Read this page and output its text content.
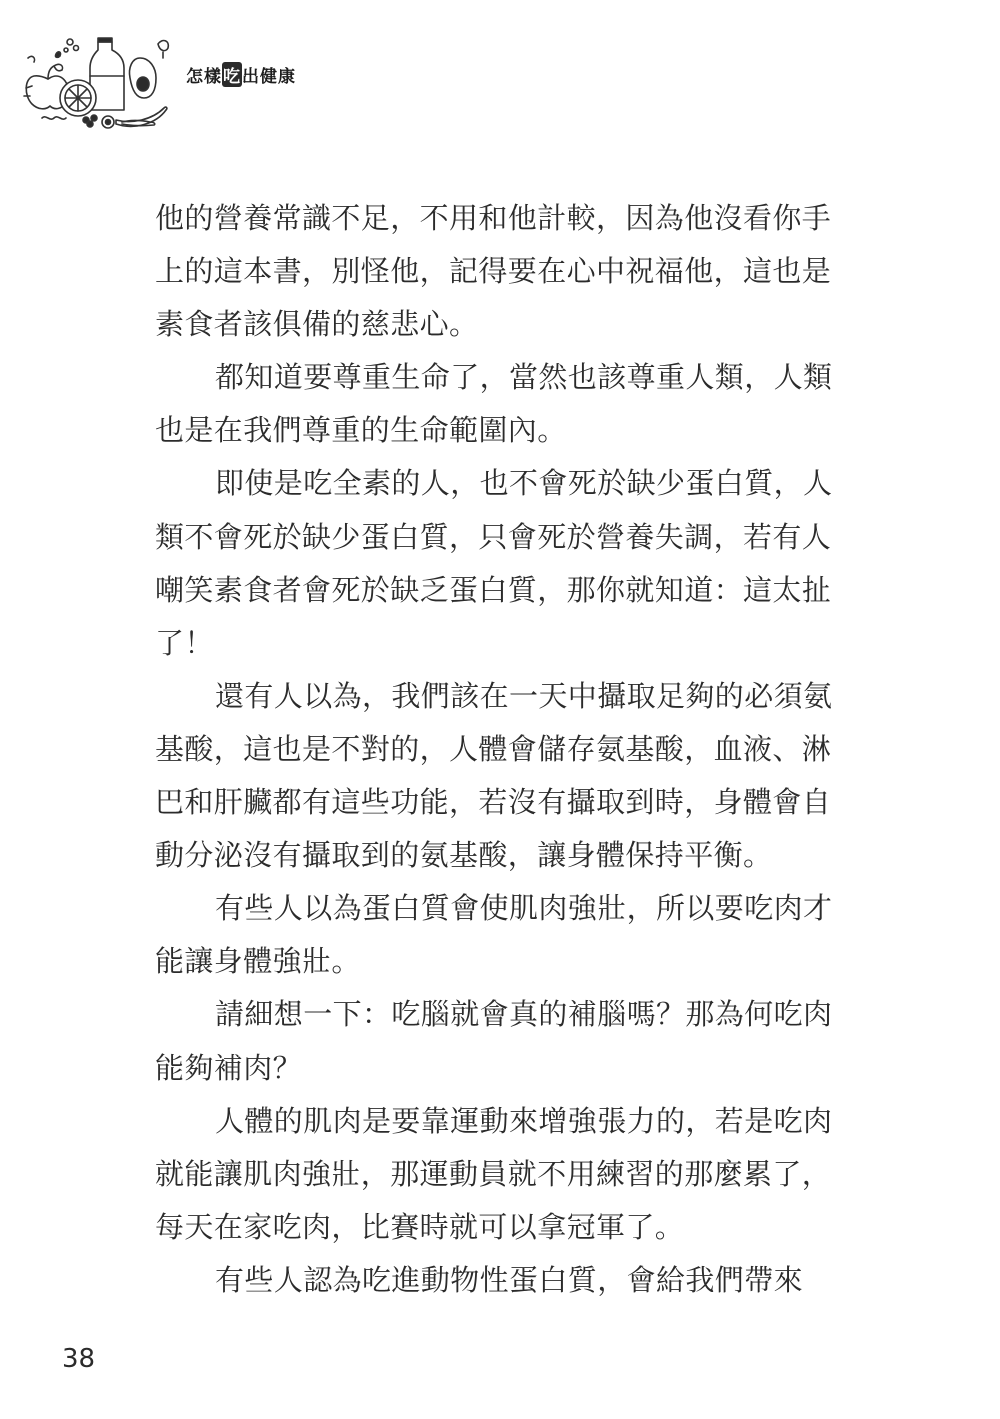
怎樣吃出健康
他的營養常識不足，不用和他計較，因為他沒看你手
上的這本書，別怪他，記得要在心中祝福他，這也是
素食者該俱備的慈悲心。
都知道要尊重生命了，當然也該尊重人類，人類
也是在我們尊重的生命範圍內。
即使是吃全素的人，也不會死於缺少蛋白質，人
類不會死於缺少蛋白質，只會死於營養失調，若有人
嘲笑素食者會死於缺乏蛋白質，那你就知道：這太扯
了！
還有人以為，我們該在一天中攝取足夠的必須氨
基酸，這也是不對的，人體會儲存氨基酸，血液、淋
巴和肝臟都有這些功能，若沒有攝取到時，身體會自
動分泌沒有攝取到的氨基酸，讓身體保持平衡。
有些人以為蛋白質會使肌肉強壯，所以要吃肉才
能讓身體強壯。
請細想一下：吃腦就會真的補腦嗎？那為何吃肉
能夠補肉？
人體的肌肉是要靠運動來增強張力的，若是吃肉
就能讓肌肉強壯，那運動員就不用練習的那麼累了，
每天在家吃肉，比賽時就可以拿冠軍了。
有些人認為吃進動物性蛋白質，會給我們帶來
38
